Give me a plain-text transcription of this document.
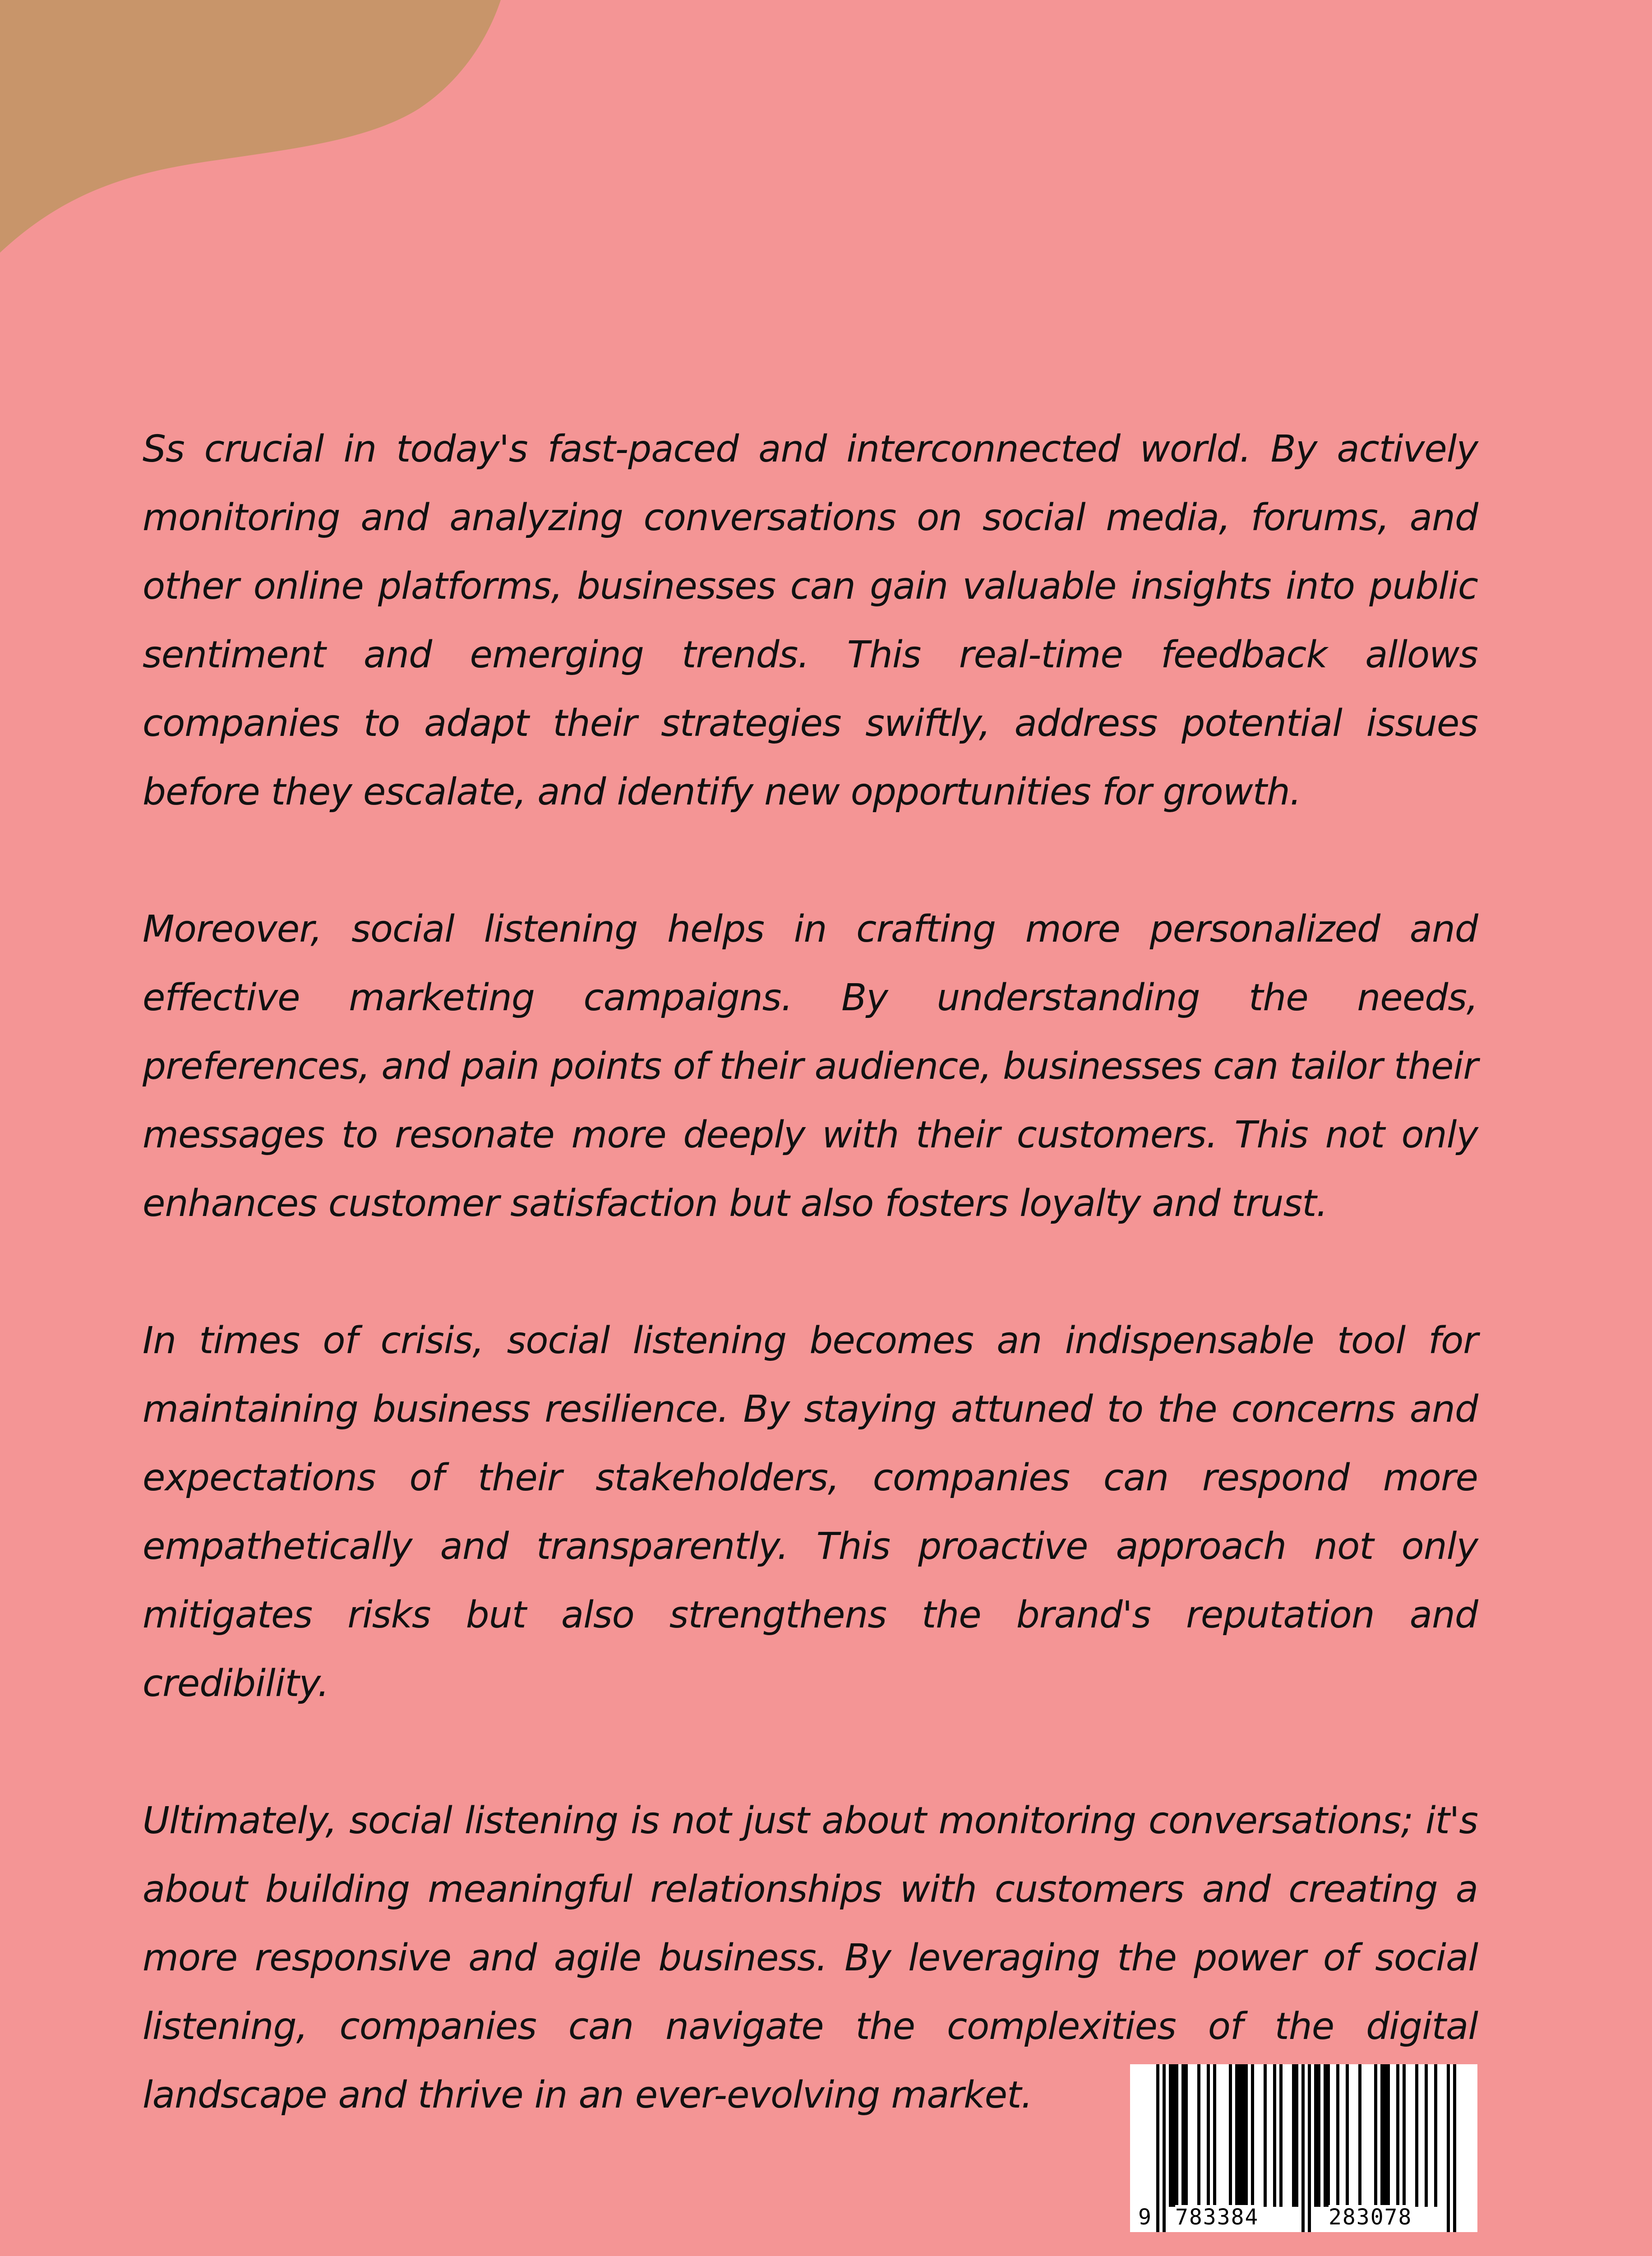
Ss crucial in today's fast-paced and interconnected world. By actively monitoring and analyzing conversations on social media, forums, and other online platforms, businesses can gain valuable insights into public sentiment and emerging trends. This real-time feedback allows companies to adapt their strategies swiftly, address potential issues before they escalate, and identify new opportunities for growth.

Moreover, social listening helps in crafting more personalized and effective marketing campaigns. By understanding the needs, preferences, and pain points of their audience, businesses can tailor their messages to resonate more deeply with their customers. This not only enhances customer satisfaction but also fosters loyalty and trust.

In times of crisis, social listening becomes an indispensable tool for maintaining business resilience. By staying attuned to the concerns and expectations of their stakeholders, companies can respond more empathetically and transparently. This proactive approach not only mitigates risks but also strengthens the brand's reputation and credibility.

Ultimately, social listening is not just about monitoring conversations; it's about building meaningful relationships with customers and creating a more responsive and agile business. By leveraging the power of social listening, companies can navigate the complexities of the digital landscape and thrive in an ever-evolving market.

9 783384	283078
